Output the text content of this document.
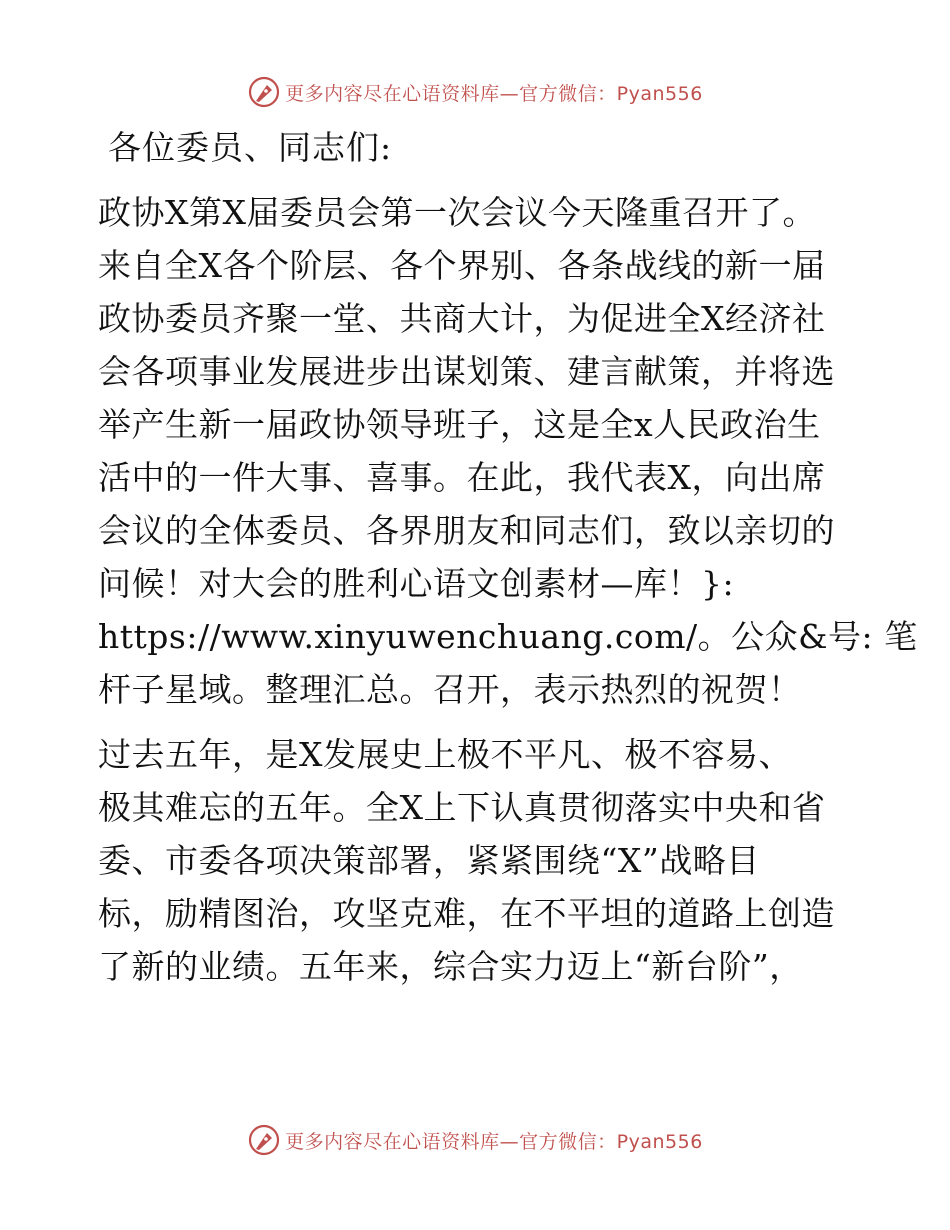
更多内容尽在心语资料库—官方微信：Pyan556
各位委员、同志们:
政协X第X届委员会第一次会议今天隆重召开了。
来自全X各个阶层、各个界别、各条战线的新一届
政协委员齐聚一堂、共商大计，为促进全X经济社
会各项事业发展进步出谋划策、建言献策，并将选
举产生新一届政协领导班子，这是全x人民政治生
活中的一件大事、喜事。在此，我代表X，向出席
会议的全体委员、各界朋友和同志们，致以亲切的
问候！对大会的胜利心语文创素材—库！}:
https://www.xinyuwenchuang.com/。公众&号: 笔
杆子星域。整理汇总。召开，表示热烈的祝贺！
过去五年，是X发展史上极不平凡、极不容易、
极其难忘的五年。全X上下认真贯彻落实中央和省
委、市委各项决策部署，紧紧围绕“X”战略目
标，励精图治，攻坚克难，在不平坦的道路上创造
了新的业绩。五年来，综合实力迈上“新台阶”，
更多内容尽在心语资料库—官方微信：Pyan556
